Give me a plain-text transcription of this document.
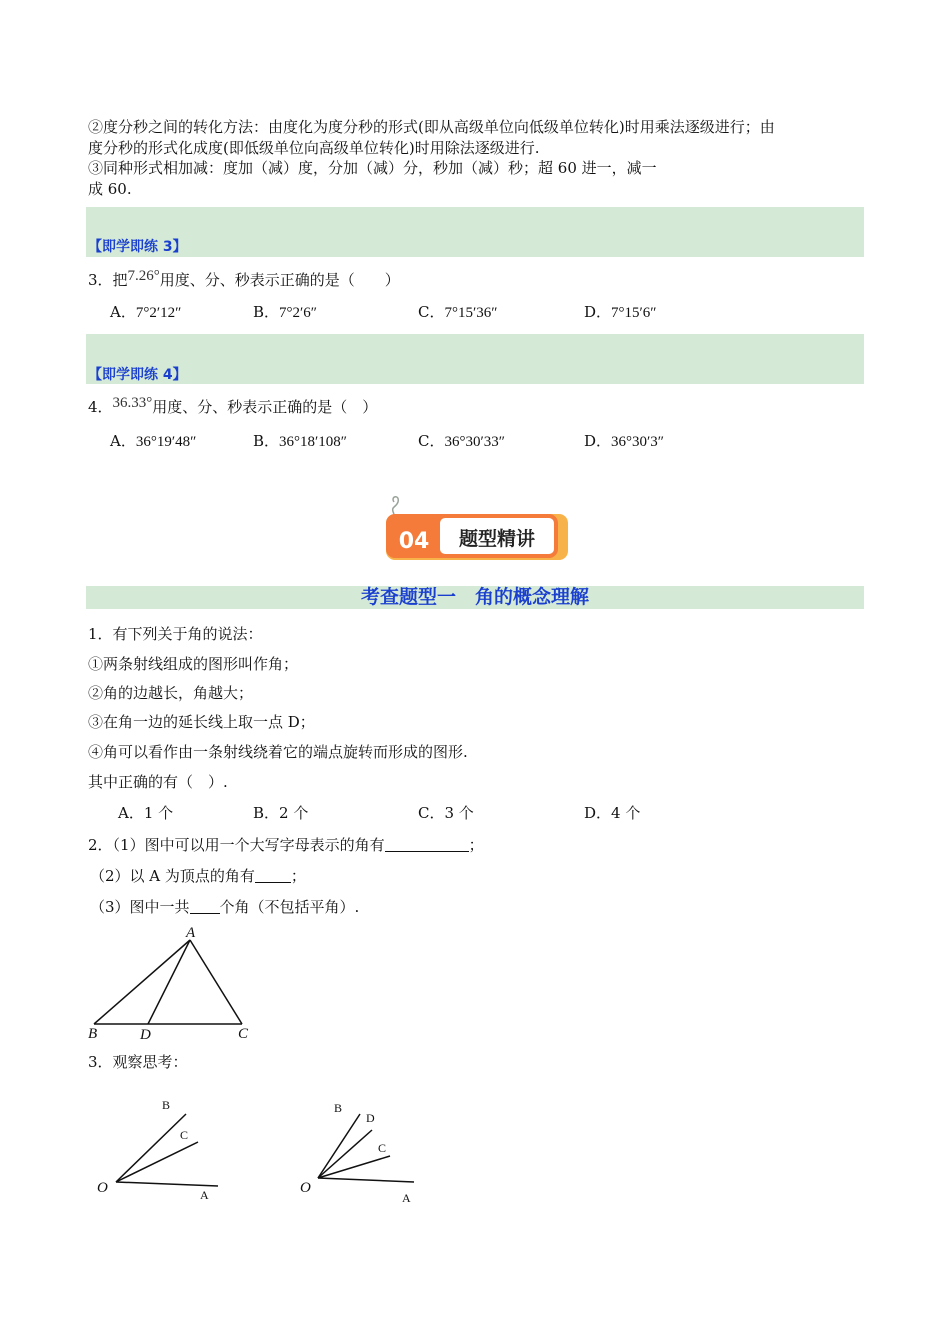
②度分秒之间的转化方法：由度化为度分秒的形式(即从高级单位向低级单位转化)时用乘法逐级进行；由
度分秒的形式化成度(即低级单位向高级单位转化)时用除法逐级进行.
③同种形式相加减：度加（减）度，分加（减）分，秒加（减）秒；超 60 进一，减一
成 60.
【即学即练 3】
3．把7.26°用度、分、秒表示正确的是（　　）
A．7°2′12″	B．7°2′6″	C．7°15′36″	D．7°15′6″
【即学即练 4】
4．36.33°用度、分、秒表示正确的是（　）
A．36°19′48″	B．36°18′108″	C．36°30′33″	D．36°30′3″
04 题型精讲
考查题型一　角的概念理解
1．有下列关于角的说法：
①两条射线组成的图形叫作角；
②角的边越长，角越大；
③在角一边的延长线上取一点 D；
④角可以看作由一条射线绕着它的端点旋转而形成的图形.
其中正确的有（　）.
A．1 个	B．2 个	C．3 个	D．4 个
2．（1）图中可以用一个大写字母表示的角有	；
（2）以 A 为顶点的角有 ；
（3）图中一共 个角（不包括平角）.
A
B	D	C
3．观察思考：
O	A
C
B
O
A
C
D
B
